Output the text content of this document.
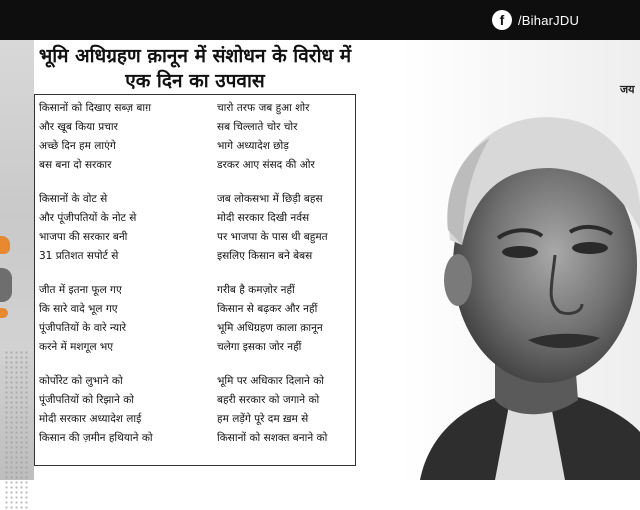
f	/BiharJDU
भूमि अधिग्रहण क़ानून में संशोधन के विरोध में
एक दिन का उपवास
किसानों को दिखाए सब्ज़ बाग़
और खूब किया प्रचार
अच्छे दिन हम लाएंगे
बस बना दो सरकार
किसानों के वोट से
और पूंजीपतियों के नोट से
भाजपा की सरकार बनी
31 प्रतिशत सपोर्ट से
जीत में इतना फूल गए
कि सारे वादे भूल गए
पूंजीपतियों के वारे न्यारे
करने में मशगूल भए
कोर्पोरेट को लुभाने को
पूंजीपतियों को रिझाने को
मोदी सरकार अध्यादेश लाई
किसान की ज़मीन हथियाने को
चारो तरफ जब हुआ शोर
सब चिल्लाते चोर चोर
भागे अध्यादेश छोड़
डरकर आए संसद की ओर
जब लोकसभा में छिड़ी बहस
मोदी सरकार दिखी नर्वस
पर भाजपा के पास थी बहुमत
इसलिए किसान बने बेबस
गरीब है कमज़ोर नहीं
किसान से बढ़कर और नहीं
भूमि अधिग्रहण काला क़ानून
चलेगा इसका जोर नहीं
भूमि पर अधिकार दिलाने को
बहरी सरकार को जगाने को
हम लड़ेंगे पूरे दम ख़म से
किसानों को सशक्त बनाने को
जय
